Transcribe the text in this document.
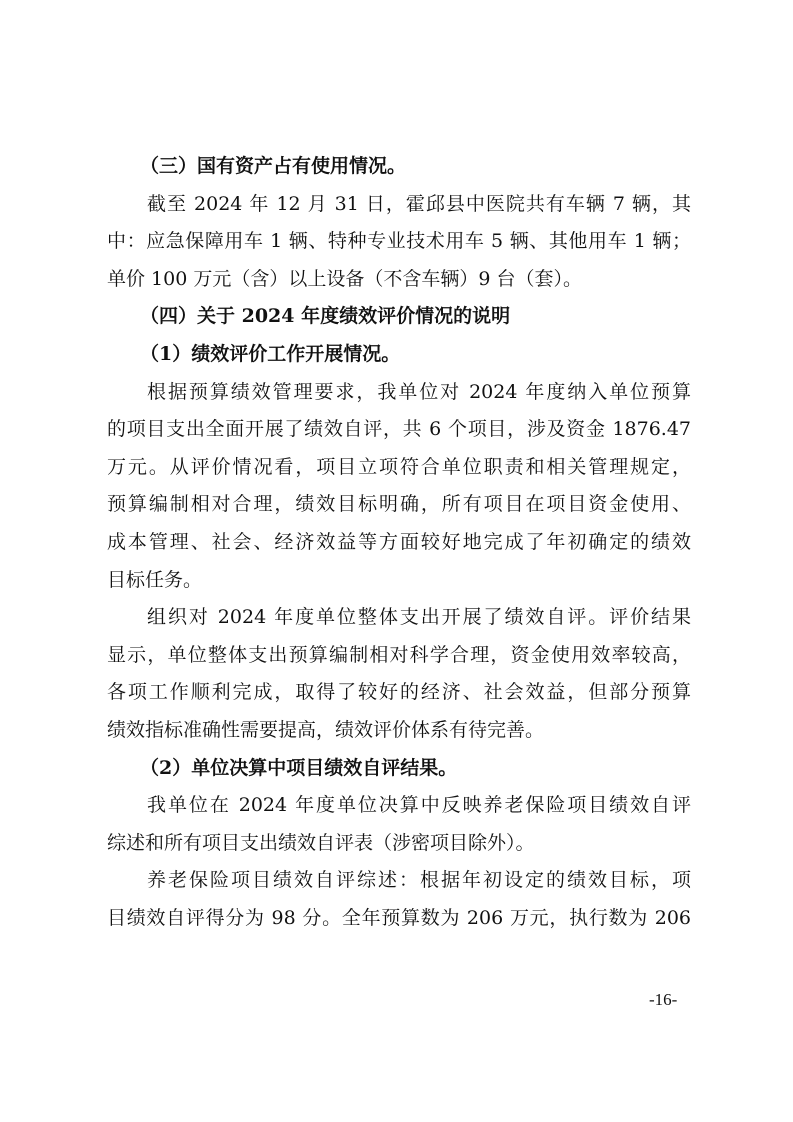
（三）国有资产占有使用情况。
截至 2024 年 12 月 31 日，霍邱县中医院共有车辆 7 辆，其
中：应急保障用车 1 辆、特种专业技术用车 5 辆、其他用车 1 辆；
单价 100 万元（含）以上设备（不含车辆）9 台（套）。
（四）关于 2024 年度绩效评价情况的说明
（1）绩效评价工作开展情况。
根据预算绩效管理要求，我单位对 2024 年度纳入单位预算
的项目支出全面开展了绩效自评，共 6 个项目，涉及资金 1876.47
万元。从评价情况看，项目立项符合单位职责和相关管理规定，
预算编制相对合理，绩效目标明确，所有项目在项目资金使用、
成本管理、社会、经济效益等方面较好地完成了年初确定的绩效
目标任务。
组织对 2024 年度单位整体支出开展了绩效自评。评价结果
显示，单位整体支出预算编制相对科学合理，资金使用效率较高，
各项工作顺利完成，取得了较好的经济、社会效益，但部分预算
绩效指标准确性需要提高，绩效评价体系有待完善。
（2）单位决算中项目绩效自评结果。
我单位在 2024 年度单位决算中反映养老保险项目绩效自评
综述和所有项目支出绩效自评表（涉密项目除外）。
养老保险项目绩效自评综述：根据年初设定的绩效目标，项
目绩效自评得分为 98 分。全年预算数为 206 万元，执行数为 206
-16-
